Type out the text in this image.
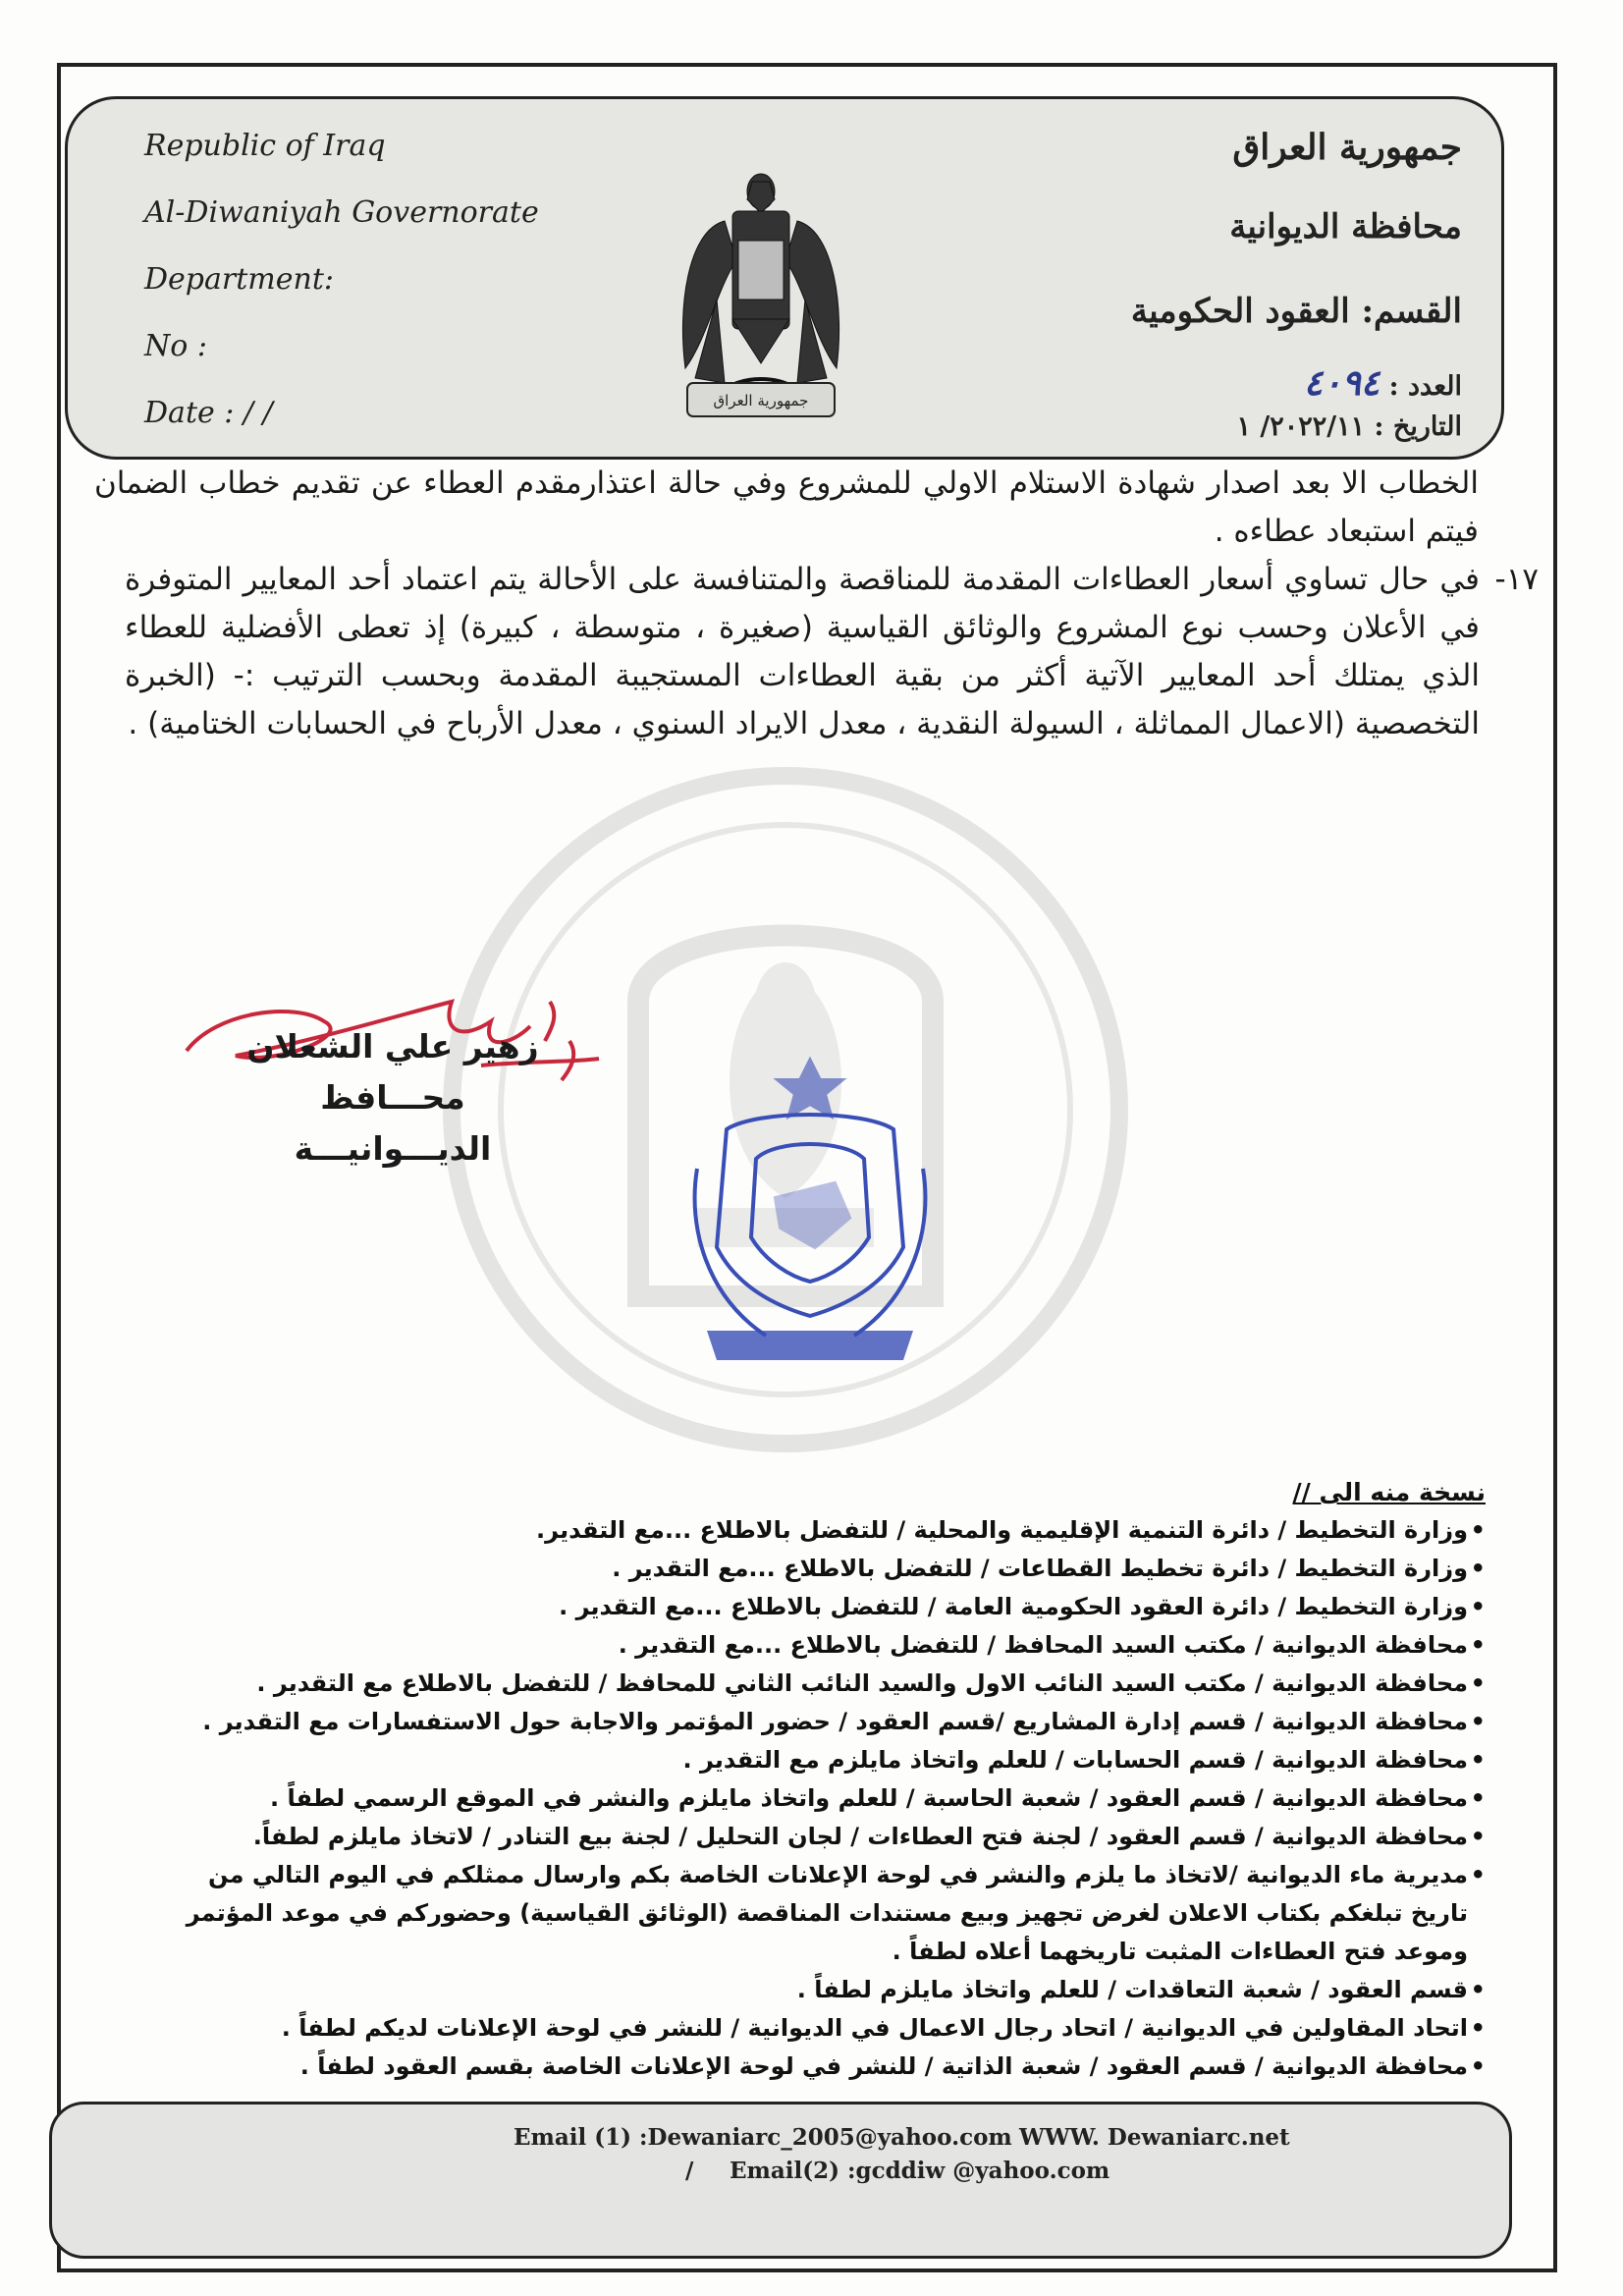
Republic of Iraq
Al-Diwaniyah Governorate
Department:
No :
Date : / /
جمهورية العراق
محافظة الديوانية
القسم: العقود الحكومية
العدد : ٤٠٩٤
التاريخ : ٢٠٢٢/١١/ ١
جمهورية العراق

الخطاب الا بعد اصدار شهادة الاستلام الاولي للمشروع وفي حالة اعتذارمقدم العطاء عن تقديم خطاب الضمان فيتم استبعاد عطاءه .

١٧-

في حال تساوي أسعار العطاءات المقدمة للمناقصة والمتنافسة على الأحالة يتم اعتماد أحد المعايير المتوفرة في الأعلان وحسب نوع المشروع والوثائق القياسية (صغيرة ، متوسطة ، كبيرة) إذ تعطى الأفضلية للعطاء الذي يمتلك أحد المعايير الآتية أكثر من بقية العطاءات المستجيبة المقدمة وبحسب الترتيب :- (الخبرة التخصصية (الاعمال المماثلة ، السيولة النقدية ، معدل الايراد السنوي ، معدل الأرباح في الحسابات الختامية) .

زهير علي الشعلان
محـــافظ الديـــوانيـــة
نسخة منه الى //
• وزارة التخطيط / دائرة التنمية الإقليمية والمحلية / للتفضل بالاطلاع ...مع التقدير.
• وزارة التخطيط / دائرة تخطيط القطاعات / للتفضل بالاطلاع ...مع التقدير .
• وزارة التخطيط / دائرة العقود الحكومية العامة / للتفضل بالاطلاع ...مع التقدير .
• محافظة الديوانية / مكتب السيد المحافظ / للتفضل بالاطلاع ...مع التقدير .
• محافظة الديوانية / مكتب السيد النائب الاول والسيد النائب الثاني للمحافظ / للتفضل بالاطلاع مع التقدير .
• محافظة الديوانية / قسم إدارة المشاريع /قسم العقود / حضور المؤتمر والاجابة حول الاستفسارات مع التقدير .
• محافظة الديوانية / قسم الحسابات / للعلم واتخاذ مايلزم مع التقدير .
• محافظة الديوانية / قسم العقود / شعبة الحاسبة / للعلم واتخاذ مايلزم والنشر في الموقع الرسمي لطفاً .
• محافظة الديوانية / قسم العقود / لجنة فتح العطاءات / لجان التحليل / لجنة بيع التنادر / لاتخاذ مايلزم لطفاً.
• مديرية ماء الديوانية /لاتخاذ ما يلزم والنشر في لوحة الإعلانات الخاصة بكم وارسال ممثلكم في اليوم التالي من تاريخ تبلغكم بكتاب الاعلان لغرض تجهيز وبيع مستندات المناقصة (الوثائق القياسية) وحضوركم في موعد المؤتمر وموعد فتح العطاءات المثبت تاريخهما أعلاه لطفاً .
• قسم العقود / شعبة التعاقدات / للعلم واتخاذ مايلزم لطفاً .
• اتحاد المقاولين في الديوانية / اتحاد رجال الاعمال في الديوانية / للنشر في لوحة الإعلانات لديكم لطفاً .
• محافظة الديوانية / قسم العقود / شعبة الذاتية / للنشر في لوحة الإعلانات الخاصة بقسم العقود لطفاً .
Email (1) :Dewaniarc_2005@yahoo.com WWW. Dewaniarc.net
/ Email(2) :gcddiw @yahoo.com
